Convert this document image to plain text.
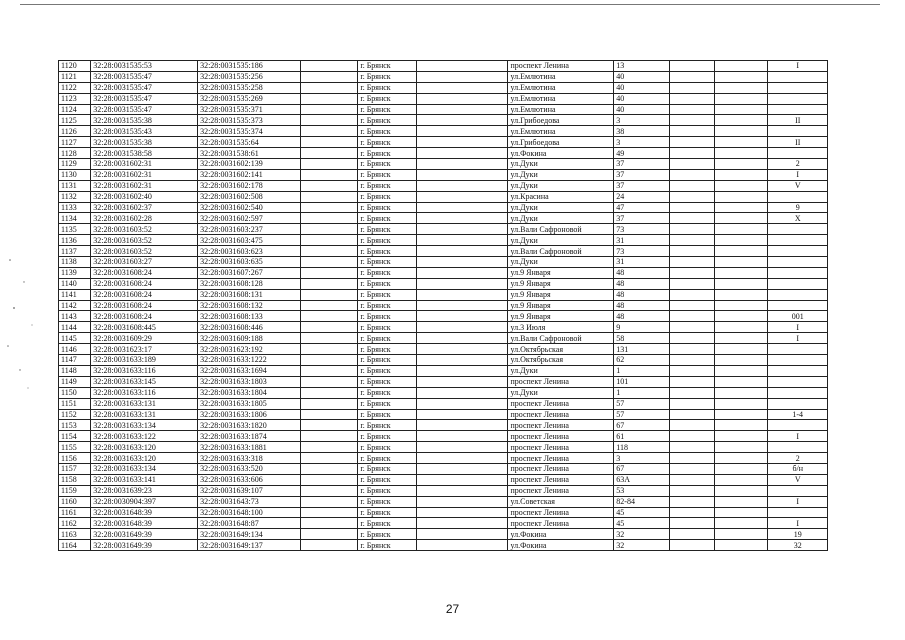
1120	32:28:0031535:53	32:28:0031535:186		г. Брянск		проспект Ленина	13			I
1121	32:28:0031535:47	32:28:0031535:256		г. Брянск		ул.Емлютина	40			
1122	32:28:0031535:47	32:28:0031535:258		г. Брянск		ул.Емлютина	40			
1123	32:28:0031535:47	32:28:0031535:269		г. Брянск		ул.Емлютина	40			
1124	32:28:0031535:47	32:28:0031535:371		г. Брянск		ул.Емлютина	40			
1125	32:28:0031535:38	32:28:0031535:373		г. Брянск		ул.Грибоедова	3			II
1126	32:28:0031535:43	32:28:0031535:374		г. Брянск		ул.Емлютина	38			
1127	32:28:0031535:38	32:28:0031535:64		г. Брянск		ул.Грибоедова	3			II
1128	32:28:0031538:58	32:28:0031538:61		г. Брянск		ул.Фокина	49			
1129	32:28:0031602:31	32:28:0031602:139		г. Брянск		ул.Дуки	37			2
1130	32:28:0031602:31	32:28:0031602:141		г. Брянск		ул.Дуки	37			I
1131	32:28:0031602:31	32:28:0031602:178		г. Брянск		ул.Дуки	37			V
1132	32:28:0031602:40	32:28:0031602:508		г. Брянск		ул.Красина	24			
1133	32:28:0031602:37	32:28:0031602:540		г. Брянск		ул.Дуки	47			9
1134	32:28:0031602:28	32:28:0031602:597		г. Брянск		ул.Дуки	37			X
1135	32:28:0031603:52	32:28:0031603:237		г. Брянск		ул.Вали Сафроновой	73			
1136	32:28:0031603:52	32:28:0031603:475		г. Брянск		ул.Дуки	31			
1137	32:28:0031603:52	32:28:0031603:623		г. Брянск		ул.Вали Сафроновой	73			
1138	32:28:0031603:27	32:28:0031603:635		г. Брянск		ул.Дуки	31			
1139	32:28:0031608:24	32:28:0031607:267		г. Брянск		ул.9 Января	48			
1140	32:28:0031608:24	32:28:0031608:128		г. Брянск		ул.9 Января	48			
1141	32:28:0031608:24	32:28:0031608:131		г. Брянск		ул.9 Января	48			
1142	32:28:0031608:24	32:28:0031608:132		г. Брянск		ул.9 Января	48			
1143	32:28:0031608:24	32:28:0031608:133		г. Брянск		ул.9 Января	48			001
1144	32:28:0031608:445	32:28:0031608:446		г. Брянск		ул.3 Июля	9			I
1145	32:28:0031609:29	32:28:0031609:188		г. Брянск		ул.Вали Сафроновой	58			I
1146	32:28:0031623:17	32:28:0031623:192		г. Брянск		ул.Октябрьская	131			
1147	32:28:0031633:189	32:28:0031633:1222		г. Брянск		ул.Октябрьская	62			
1148	32:28:0031633:116	32:28:0031633:1694		г. Брянск		ул.Дуки	1			
1149	32:28:0031633:145	32:28:0031633:1803		г. Брянск		проспект Ленина	101			
1150	32:28:0031633:116	32:28:0031633:1804		г. Брянск		ул.Дуки	1			
1151	32:28:0031633:131	32:28:0031633:1805		г. Брянск		проспект Ленина	57			
1152	32:28:0031633:131	32:28:0031633:1806		г. Брянск		проспект Ленина	57			1-4
1153	32:28:0031633:134	32:28:0031633:1820		г. Брянск		проспект Ленина	67			
1154	32:28:0031633:122	32:28:0031633:1874		г. Брянск		проспект Ленина	61			I
1155	32:28:0031633:120	32:28:0031633:1881		г. Брянск		проспект Ленина	118			
1156	32:28:0031633:120	32:28:0031633:318		г. Брянск		проспект Ленина	3			2
1157	32:28:0031633:134	32:28:0031633:520		г. Брянск		проспект Ленина	67			б/н
1158	32:28:0031633:141	32:28:0031633:606		г. Брянск		проспект Ленина	63А			V
1159	32:28:0031639:23	32:28:0031639:107		г. Брянск		проспект Ленина	53			
1160	32:28:0030904:397	32:28:0031643:73		г. Брянск		ул.Советская	82-84			I
1161	32:28:0031648:39	32:28:0031648:100		г. Брянск		проспект Ленина	45			
1162	32:28:0031648:39	32:28:0031648:87		г. Брянск		проспект Ленина	45			I
1163	32:28:0031649:39	32:28:0031649:134		г. Брянск		ул.Фокина	32			19
1164	32:28:0031649:39	32:28:0031649:137		г. Брянск		ул.Фокина	32			32
27
